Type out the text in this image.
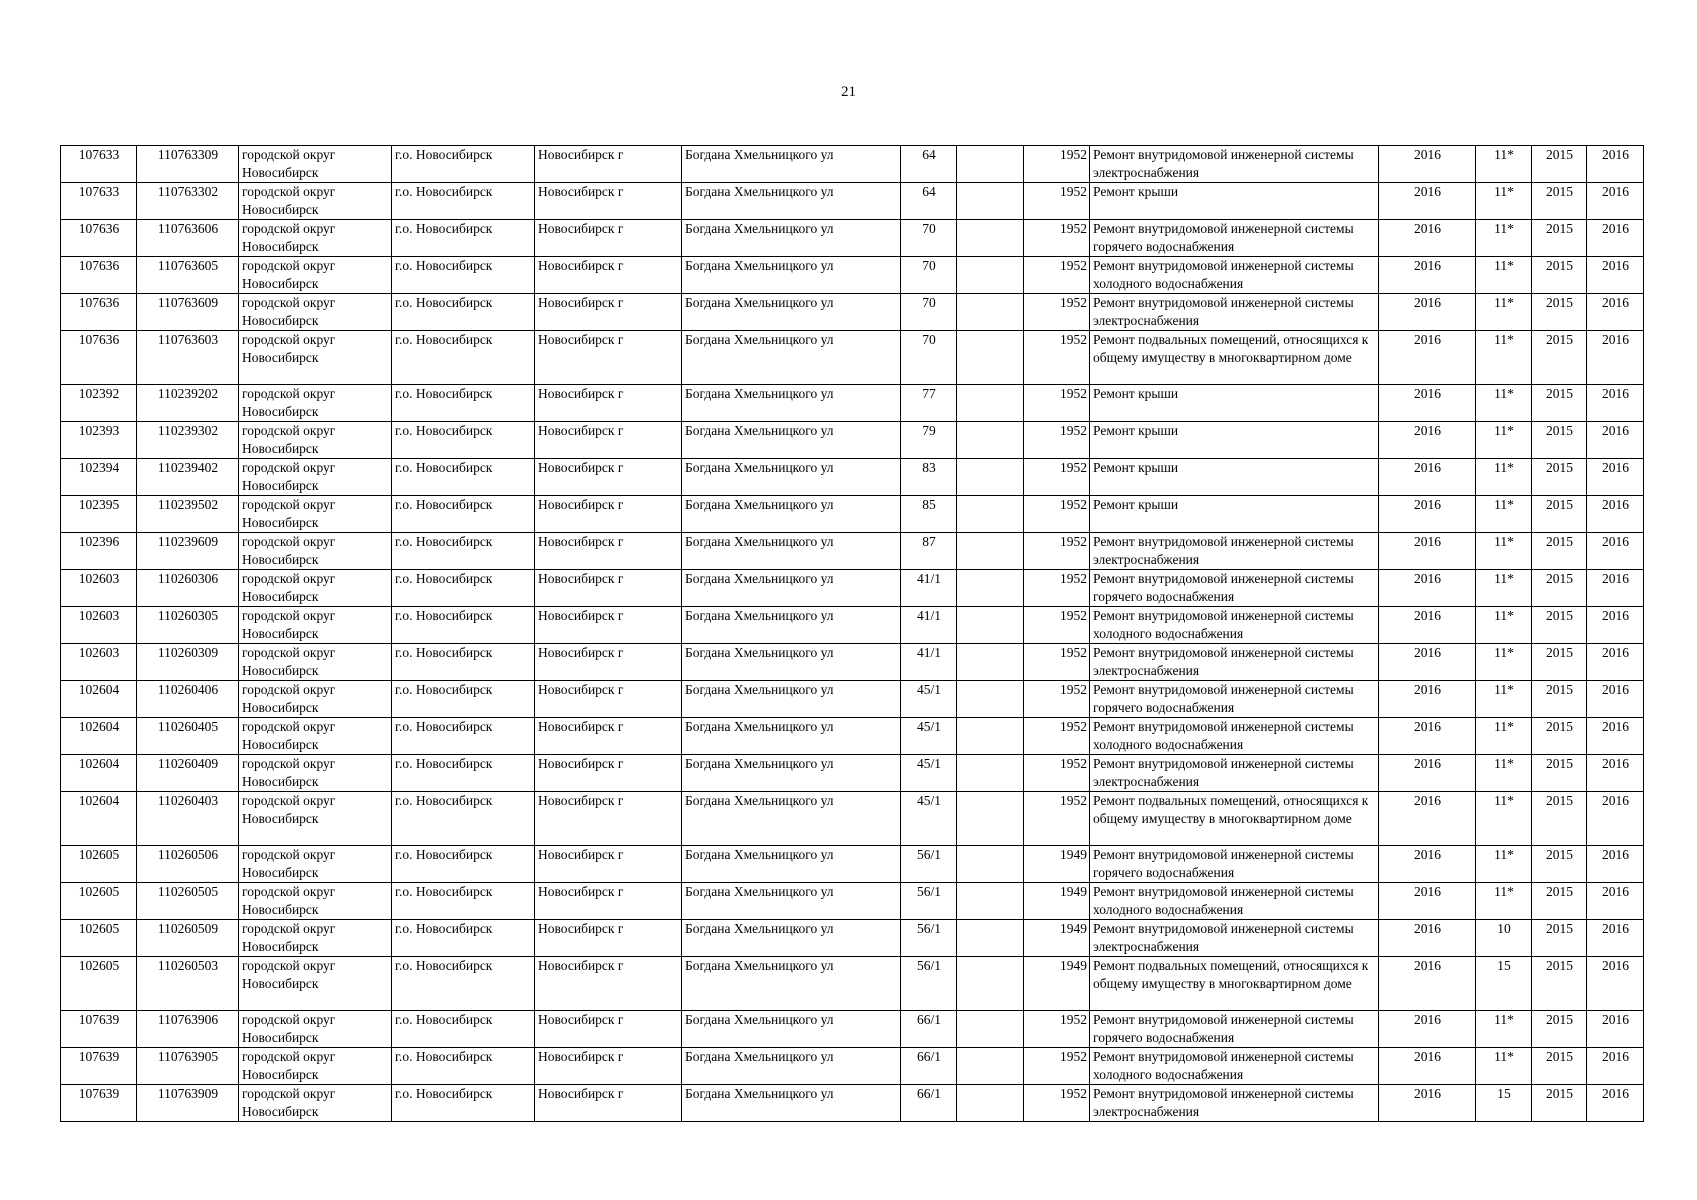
21
107633	110763309	городской округ Новосибирск	г.о. Новосибирск	Новосибирск г	Богдана Хмельницкого ул	64		1952	Ремонт внутридомовой инженерной системы электроснабжения	2016	11*	2015	2016
107633	110763302	городской округ Новосибирск	г.о. Новосибирск	Новосибирск г	Богдана Хмельницкого ул	64		1952	Ремонт крыши	2016	11*	2015	2016
107636	110763606	городской округ Новосибирск	г.о. Новосибирск	Новосибирск г	Богдана Хмельницкого ул	70		1952	Ремонт внутридомовой инженерной системы горячего водоснабжения	2016	11*	2015	2016
107636	110763605	городской округ Новосибирск	г.о. Новосибирск	Новосибирск г	Богдана Хмельницкого ул	70		1952	Ремонт внутридомовой инженерной системы холодного водоснабжения	2016	11*	2015	2016
107636	110763609	городской округ Новосибирск	г.о. Новосибирск	Новосибирск г	Богдана Хмельницкого ул	70		1952	Ремонт внутридомовой инженерной системы электроснабжения	2016	11*	2015	2016
107636	110763603	городской округ Новосибирск	г.о. Новосибирск	Новосибирск г	Богдана Хмельницкого ул	70		1952	Ремонт подвальных помещений, относящихся к общему имуществу в многоквартирном доме	2016	11*	2015	2016
102392	110239202	городской округ Новосибирск	г.о. Новосибирск	Новосибирск г	Богдана Хмельницкого ул	77		1952	Ремонт крыши	2016	11*	2015	2016
102393	110239302	городской округ Новосибирск	г.о. Новосибирск	Новосибирск г	Богдана Хмельницкого ул	79		1952	Ремонт крыши	2016	11*	2015	2016
102394	110239402	городской округ Новосибирск	г.о. Новосибирск	Новосибирск г	Богдана Хмельницкого ул	83		1952	Ремонт крыши	2016	11*	2015	2016
102395	110239502	городской округ Новосибирск	г.о. Новосибирск	Новосибирск г	Богдана Хмельницкого ул	85		1952	Ремонт крыши	2016	11*	2015	2016
102396	110239609	городской округ Новосибирск	г.о. Новосибирск	Новосибирск г	Богдана Хмельницкого ул	87		1952	Ремонт внутридомовой инженерной системы электроснабжения	2016	11*	2015	2016
102603	110260306	городской округ Новосибирск	г.о. Новосибирск	Новосибирск г	Богдана Хмельницкого ул	41/1		1952	Ремонт внутридомовой инженерной системы горячего водоснабжения	2016	11*	2015	2016
102603	110260305	городской округ Новосибирск	г.о. Новосибирск	Новосибирск г	Богдана Хмельницкого ул	41/1		1952	Ремонт внутридомовой инженерной системы холодного водоснабжения	2016	11*	2015	2016
102603	110260309	городской округ Новосибирск	г.о. Новосибирск	Новосибирск г	Богдана Хмельницкого ул	41/1		1952	Ремонт внутридомовой инженерной системы электроснабжения	2016	11*	2015	2016
102604	110260406	городской округ Новосибирск	г.о. Новосибирск	Новосибирск г	Богдана Хмельницкого ул	45/1		1952	Ремонт внутридомовой инженерной системы горячего водоснабжения	2016	11*	2015	2016
102604	110260405	городской округ Новосибирск	г.о. Новосибирск	Новосибирск г	Богдана Хмельницкого ул	45/1		1952	Ремонт внутридомовой инженерной системы холодного водоснабжения	2016	11*	2015	2016
102604	110260409	городской округ Новосибирск	г.о. Новосибирск	Новосибирск г	Богдана Хмельницкого ул	45/1		1952	Ремонт внутридомовой инженерной системы электроснабжения	2016	11*	2015	2016
102604	110260403	городской округ Новосибирск	г.о. Новосибирск	Новосибирск г	Богдана Хмельницкого ул	45/1		1952	Ремонт подвальных помещений, относящихся к общему имуществу в многоквартирном доме	2016	11*	2015	2016
102605	110260506	городской округ Новосибирск	г.о. Новосибирск	Новосибирск г	Богдана Хмельницкого ул	56/1		1949	Ремонт внутридомовой инженерной системы горячего водоснабжения	2016	11*	2015	2016
102605	110260505	городской округ Новосибирск	г.о. Новосибирск	Новосибирск г	Богдана Хмельницкого ул	56/1		1949	Ремонт внутридомовой инженерной системы холодного водоснабжения	2016	11*	2015	2016
102605	110260509	городской округ Новосибирск	г.о. Новосибирск	Новосибирск г	Богдана Хмельницкого ул	56/1		1949	Ремонт внутридомовой инженерной системы электроснабжения	2016	10	2015	2016
102605	110260503	городской округ Новосибирск	г.о. Новосибирск	Новосибирск г	Богдана Хмельницкого ул	56/1		1949	Ремонт подвальных помещений, относящихся к общему имуществу в многоквартирном доме	2016	15	2015	2016
107639	110763906	городской округ Новосибирск	г.о. Новосибирск	Новосибирск г	Богдана Хмельницкого ул	66/1		1952	Ремонт внутридомовой инженерной системы горячего водоснабжения	2016	11*	2015	2016
107639	110763905	городской округ Новосибирск	г.о. Новосибирск	Новосибирск г	Богдана Хмельницкого ул	66/1		1952	Ремонт внутридомовой инженерной системы холодного водоснабжения	2016	11*	2015	2016
107639	110763909	городской округ Новосибирск	г.о. Новосибирск	Новосибирск г	Богдана Хмельницкого ул	66/1		1952	Ремонт внутридомовой инженерной системы электроснабжения	2016	15	2015	2016
